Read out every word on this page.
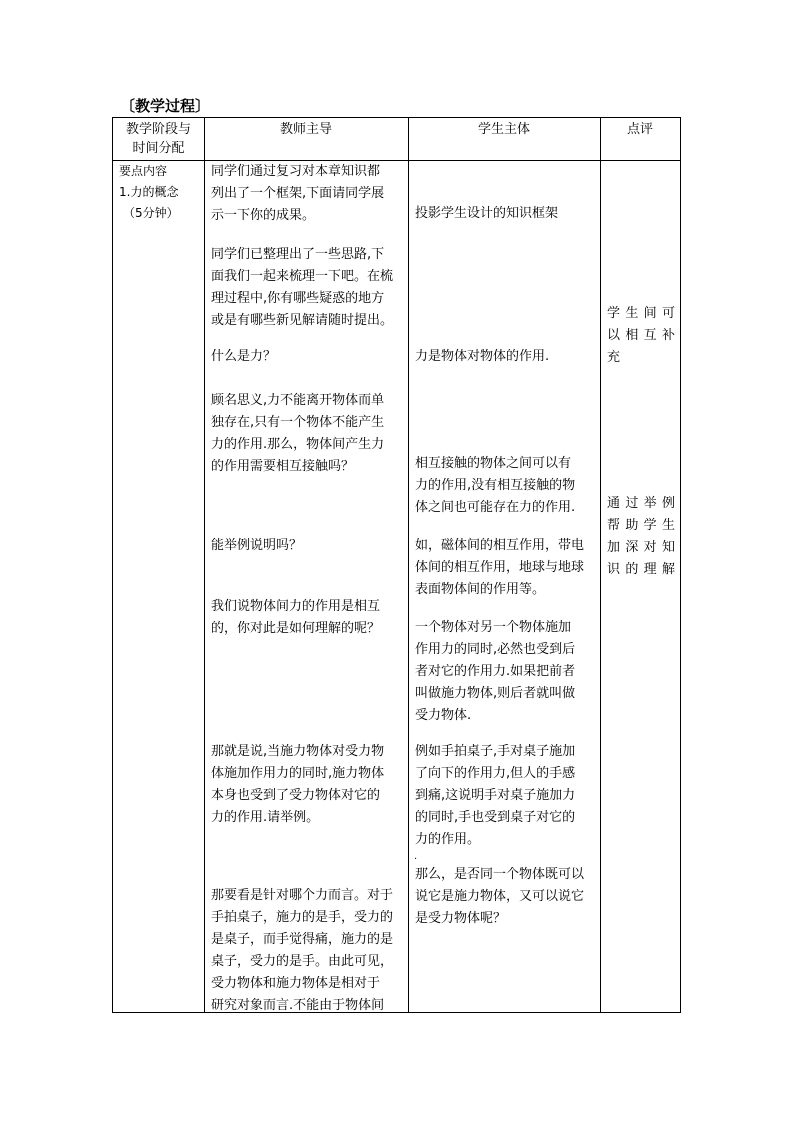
〔教学过程〕
教学阶段与
时间分配
教师主导	学生主体	点评
要点内容
1.力的概念
（5分钟）
同学们通过复习对本章知识都
列出了一个框架,下面请同学展
示一下你的成果。
同学们已整理出了一些思路,下
面我们一起来梳理一下吧。在梳
理过程中,你有哪些疑惑的地方
或是有哪些新见解请随时提出。
什么是力？
顾名思义,力不能离开物体而单
独存在,只有一个物体不能产生
力的作用.那么，物体间产生力
的作用需要相互接触吗？
能举例说明吗？
我们说物体间力的作用是相互
的，你对此是如何理解的呢？
那就是说,当施力物体对受力物
体施加作用力的同时,施力物体
本身也受到了受力物体对它的
力的作用.请举例。
那要看是针对哪个力而言。对于
手拍桌子，施力的是手，受力的
是桌子，而手觉得痛，施力的是
桌子，受力的是手。由此可见，
受力物体和施力物体是相对于
研究对象而言.不能由于物体间
投影学生设计的知识框架
力是物体对物体的作用.
相互接触的物体之间可以有
力的作用,没有相互接触的物
体之间也可能存在力的作用.
如，磁体间的相互作用，带电
体间的相互作用，地球与地球
表面物体间的作用等。
一个物体对另一个物体施加
作用力的同时,必然也受到后
者对它的作用力.如果把前者
叫做施力物体,则后者就叫做
受力物体.
例如手拍桌子,手对桌子施加
了向下的作用力,但人的手感
到痛,这说明手对桌子施加力
的同时,手也受到桌子对它的
力的作用。
.
那么，是否同一个物体既可以
说它是施力物体，又可以说它
是受力物体呢？
学生间可
以相互补
充
通过举例
帮助学生
加深对知
识的理解
